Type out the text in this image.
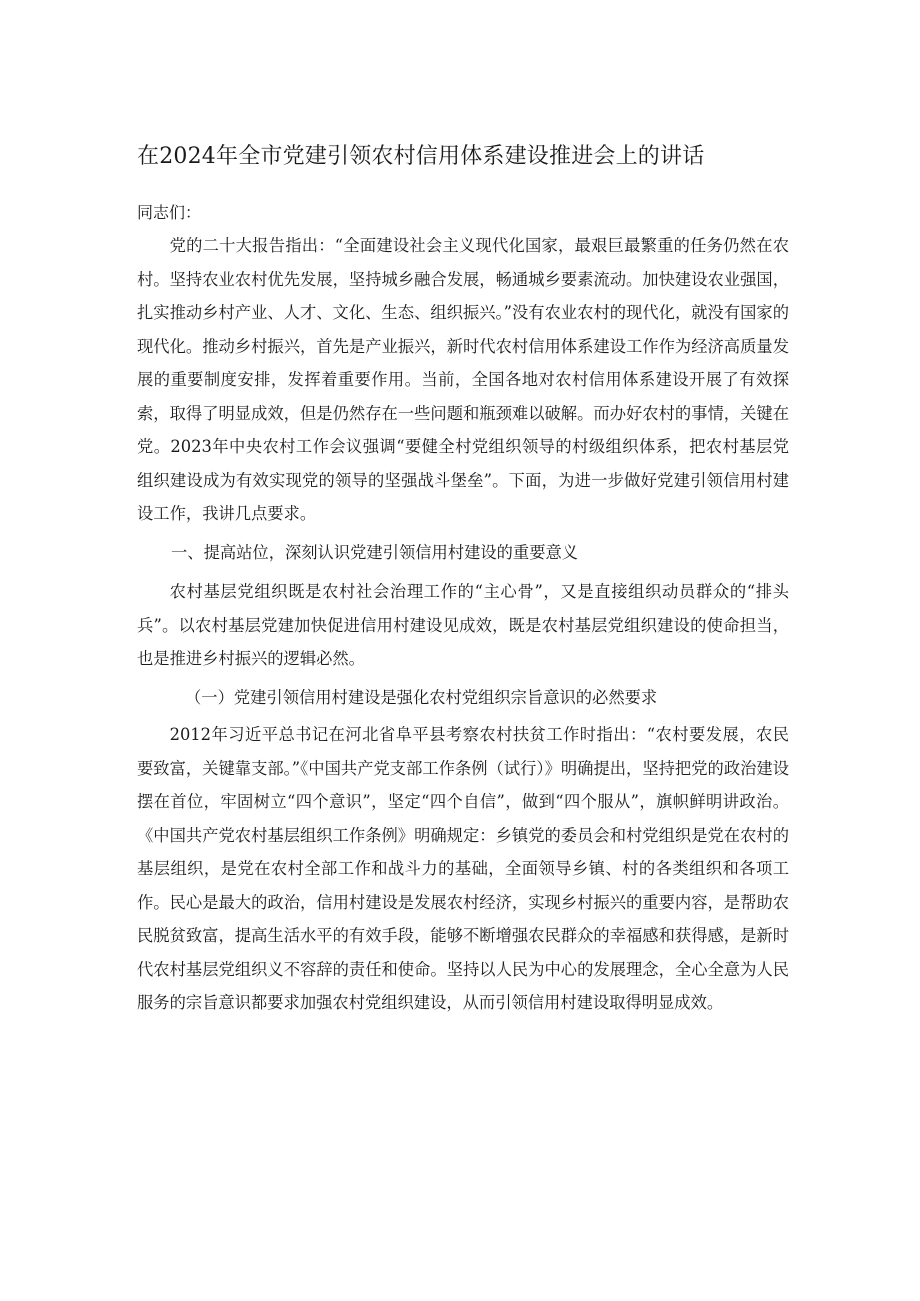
在2024年全市党建引领农村信用体系建设推进会上的讲话
同志们：

党的二十大报告指出：“全面建设社会主义现代化国家，最艰巨最繁重的任务仍然在农村。坚持农业农村优先发展，坚持城乡融合发展，畅通城乡要素流动。加快建设农业强国，扎实推动乡村产业、人才、文化、生态、组织振兴。”没有农业农村的现代化，就没有国家的现代化。推动乡村振兴，首先是产业振兴，新时代农村信用体系建设工作作为经济高质量发展的重要制度安排，发挥着重要作用。当前，全国各地对农村信用体系建设开展了有效探索，取得了明显成效，但是仍然存在一些问题和瓶颈难以破解。而办好农村的事情，关键在党。2023年中央农村工作会议强调“要健全村党组织领导的村级组织体系，把农村基层党组织建设成为有效实现党的领导的坚强战斗堡垒”。下面，为进一步做好党建引领信用村建设工作，我讲几点要求。

一、提高站位，深刻认识党建引领信用村建设的重要意义

农村基层党组织既是农村社会治理工作的“主心骨”，又是直接组织动员群众的“排头兵”。以农村基层党建加快促进信用村建设见成效，既是农村基层党组织建设的使命担当，也是推进乡村振兴的逻辑必然。

（一）党建引领信用村建设是强化农村党组织宗旨意识的必然要求

2012年习近平总书记在河北省阜平县考察农村扶贫工作时指出：“农村要发展，农民要致富，关键靠支部。”《中国共产党支部工作条例（试行）》明确提出，坚持把党的政治建设摆在首位，牢固树立“四个意识”，坚定“四个自信”，做到“四个服从”，旗帜鲜明讲政治。《中国共产党农村基层组织工作条例》明确规定：乡镇党的委员会和村党组织是党在农村的基层组织，是党在农村全部工作和战斗力的基础，全面领导乡镇、村的各类组织和各项工作。民心是最大的政治，信用村建设是发展农村经济，实现乡村振兴的重要内容，是帮助农民脱贫致富，提高生活水平的有效手段，能够不断增强农民群众的幸福感和获得感，是新时代农村基层党组织义不容辞的责任和使命。坚持以人民为中心的发展理念，全心全意为人民服务的宗旨意识都要求加强农村党组织建设，从而引领信用村建设取得明显成效。
